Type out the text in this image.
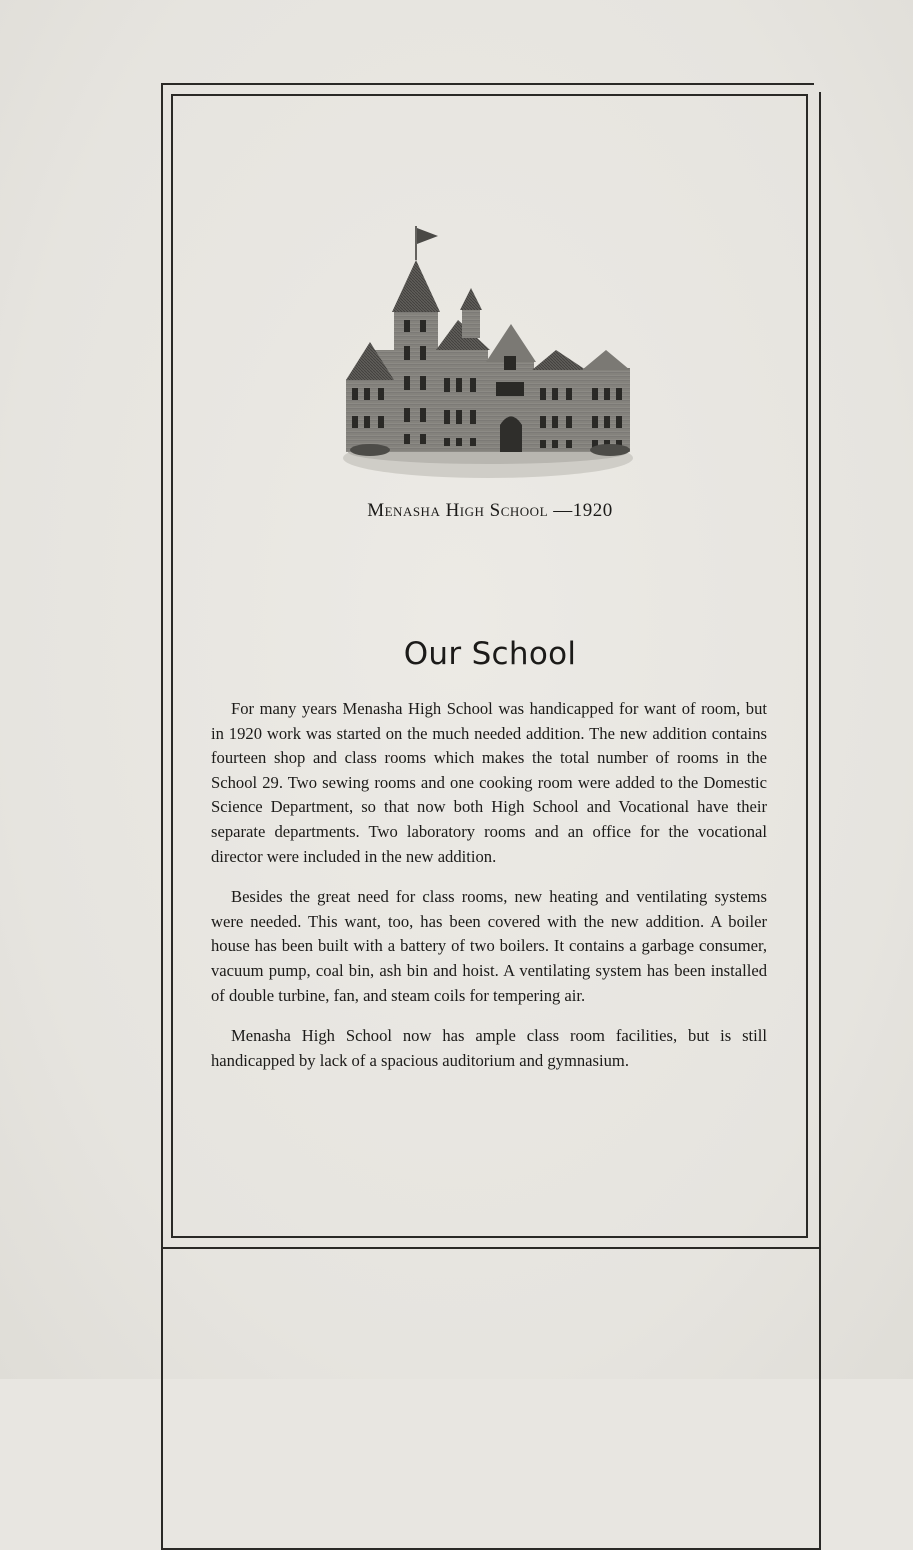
Menasha High School —1920
Our School

For many years Menasha High School was handicapped for want of room, but in 1920 work was started on the much needed addition. The new addition contains fourteen shop and class rooms which makes the total number of rooms in the School 29. Two sewing rooms and one cooking room were added to the Domestic Science Department, so that now both High School and Vocational have their separate departments. Two laboratory rooms and an office for the vocational director were included in the new addition.

Besides the great need for class rooms, new heating and ventilating systems were needed. This want, too, has been covered with the new addition. A boiler house has been built with a battery of two boilers. It contains a garbage consumer, vacuum pump, coal bin, ash bin and hoist. A ventilating system has been installed of double turbine, fan, and steam coils for tempering air.

Menasha High School now has ample class room facilities, but is still handicapped by lack of a spacious auditorium and gymnasium.
